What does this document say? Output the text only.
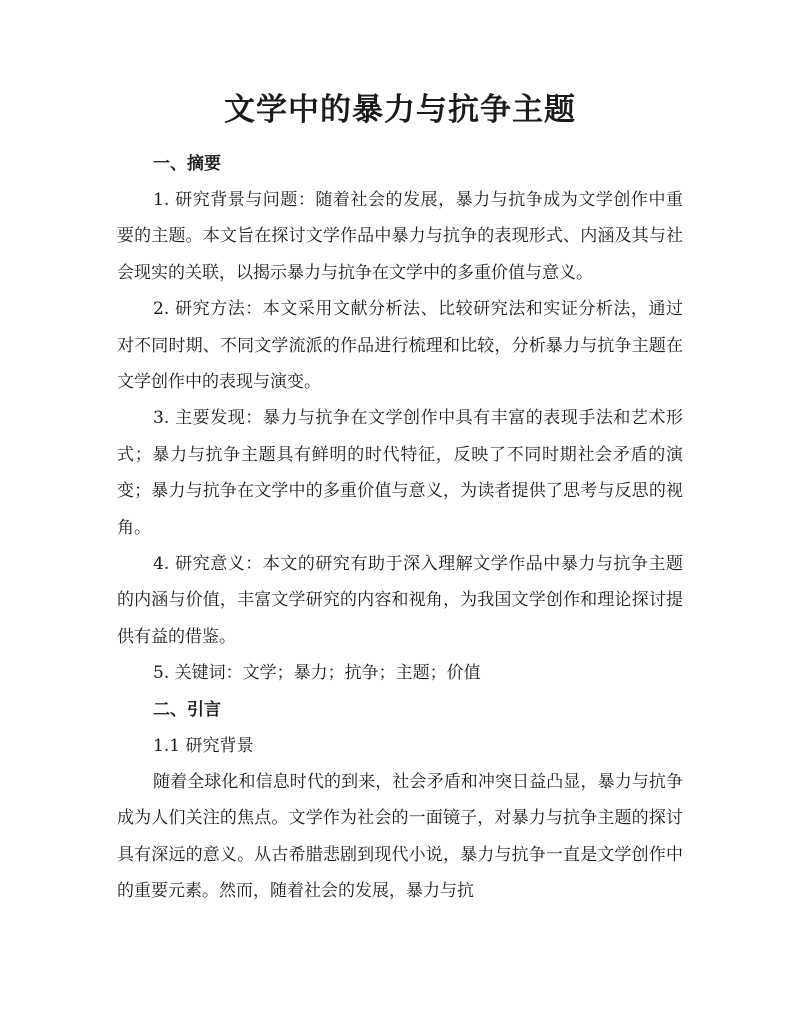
文学中的暴力与抗争主题

一、摘要

1. 研究背景与问题：随着社会的发展，暴力与抗争成为文学创作中重要的主题。本文旨在探讨文学作品中暴力与抗争的表现形式、内涵及其与社会现实的关联，以揭示暴力与抗争在文学中的多重价值与意义。

2. 研究方法：本文采用文献分析法、比较研究法和实证分析法，通过对不同时期、不同文学流派的作品进行梳理和比较，分析暴力与抗争主题在文学创作中的表现与演变。

3. 主要发现：暴力与抗争在文学创作中具有丰富的表现手法和艺术形式；暴力与抗争主题具有鲜明的时代特征，反映了不同时期社会矛盾的演变；暴力与抗争在文学中的多重价值与意义，为读者提供了思考与反思的视角。

4. 研究意义：本文的研究有助于深入理解文学作品中暴力与抗争主题的内涵与价值，丰富文学研究的内容和视角，为我国文学创作和理论探讨提供有益的借鉴。

5. 关键词：文学；暴力；抗争；主题；价值

二、引言

1.1 研究背景

随着全球化和信息时代的到来，社会矛盾和冲突日益凸显，暴力与抗争成为人们关注的焦点。文学作为社会的一面镜子，对暴力与抗争主题的探讨具有深远的意义。从古希腊悲剧到现代小说，暴力与抗争一直是文学创作中的重要元素。然而，随着社会的发展，暴力与抗
